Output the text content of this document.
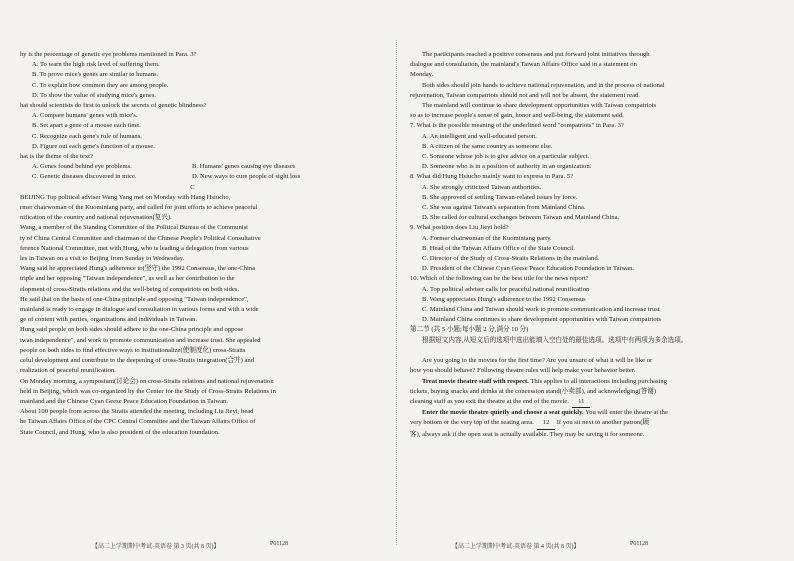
hy is the percentage of genetic eye problems mentioned in Para. 3?

A. To warn the high risk level of suffering them.

B. To prove mice's genes are similar to humans.

C. To explain how common they are among people.

D. To show the value of studying mice's genes.

hat should scientists do first to unlock the secrets of genetic blindness?

A. Compare humans' genes with mice's.

B. Set apart a gene of a mouse each time.

C. Recognize each gene's role of humans.

D. Figure out each gene's function of a mouse.

hat is the theme of the text?

A. Genes found behind eye problems.	B. Humans' genes causing eye diseases

C. Genetic diseases discovered in mice.	D. New ways to cure people of sight loss

C

BEIJING Top political adviser Wang Yang met on Monday with Hang Hsiucho,

rmer chairwoman of the Kuomintang party, and called for joint efforts to achieve peaceful

nification of the country and national rejuvenation(复兴).

Wang, a member of the Standing Committee of the Political Bureau of the Communist

ty of China Central Committee and chairman of the Chinese People's Political Consultative

ference National Committee, met with Hung, who is leading a delegation from various

les in Taiwan on a visit to Beijing from Sunday to Wednesday.

Wang said he appreciated Hung's adherence to(坚守) the 1992 Consensus, the one-China

triple and her opposing "Taiwan independence", as well as her contribution to the

elopment of cross-Straits relations and the well-being of compatriots on both sides.

He said that on the basis of one-China principle and opposing "Taiwan independence",

mainland is ready to engage in dialogue and consultation in various forms and with a wide

ge of content with parties, organizations and individuals in Taiwan.

Hung said people on both sides should adhere to the one-China principle and oppose

iwan independence", and work to promote communication and increase trust. She appealed

people on both sides to find effective ways to institutionalize(使制度化) cross-Straits

ceful development and contribute to the deepening of cross-Straits integration(合并) and

realization of peaceful reunification.

On Monday morning, a symposium(讨论会) on cross-Straits relations and national rejuvenation

held in Beijing, which was co-organized by the Center for the Study of Cross-Straits Relations in

mainland and the Chinese Cyan Geese Peace Education Foundation in Taiwan.

About 100 people from across the Straits attended the meeting, including Liu Jieyi, head

he Taiwan Affairs Office of the CPC Central Committee and the Taiwan Affairs Office of

State Council, and Hung, who is also president of the education foundation.

【高二上学期期中考试·英语卷 第 3 页(共 8 页)】	P01128

The participants reached a positive consensus and put forward joint initiatives through

dialogue and consultation, the mainland's Taiwan Affairs Office said in a statement on

Monday.

Both sides should join hands to achieve national rejuvenation, and in the process of national

rejuvenation, Taiwan compatriots should not and will not be absent, the statement read.

The mainland will continue to share development opportunities with Taiwan compatriots

so as to increase people's sense of gain, honor and well-being, the statement said.

7. What is the possible meaning of the underlined word "compatriots" in Para. 3?

A. An intelligent and well-educated person.

B. A citizen of the same country as someone else.

C. Someone whose job is to give advice on a particular subject.

D. Someone who is in a position of authority in an organization.

8. What did Hung Hsiucho mainly want to express in Para. 5?

A. She strongly criticized Taiwan authorities.

B. She approved of settling Taiwan-related issues by force.

C. She was against Taiwan's separation from Mainland China.

D. She called for cultural exchanges between Taiwan and Mainland China.

9. What position does Liu Jieyi hold?

A. Former chairwoman of the Kuomintang party.

B. Head of the Taiwan Affairs Office of the State Council.

C. Director of the Study of Cross-Straits Relations in the mainland.

D. President of the Chinese Cyan Geese Peace Education Foundation in Taiwan.

10. Which of the following can be the best title for the news report?

A. Top political adviser calls for peaceful national reunification

B. Wang appreciates Hung's adherence to the 1992 Consensus

C. Mainland China and Taiwan should work to promote communication and increase trust

D. Mainland China continues to share development opportunities with Taiwan compatriots

第二节 (共 5 小题;每小题 2 分,满分 10 分)

根据短文内容,从短文后的选项中选出能填入空白处的最佳选项。选项中有两项为多余选项。

Are you going to the movies for the first time? Are you unsure of what it will be like or

how you should behave? Following theatre rules will help make your behavior better.

Treat movie theatre staff with respect. This applies to all interactions including purchasing

tickets, buying snacks and drinks at the concession stand(小卖部), and acknowledging(答谢)

cleaning staff as you exit the theatre at the end of the movie. 11

Enter the movie theatre quietly and choose a seat quickly. You will enter the theatre at the

very bottom or the very top of the seating area. 12 If you sit next to another patron(顾

客), always ask if the open seat is actually available. They may be saving it for someone.

【高二上学期期中考试·英语卷 第 4 页(共 8 页)】	P01128
